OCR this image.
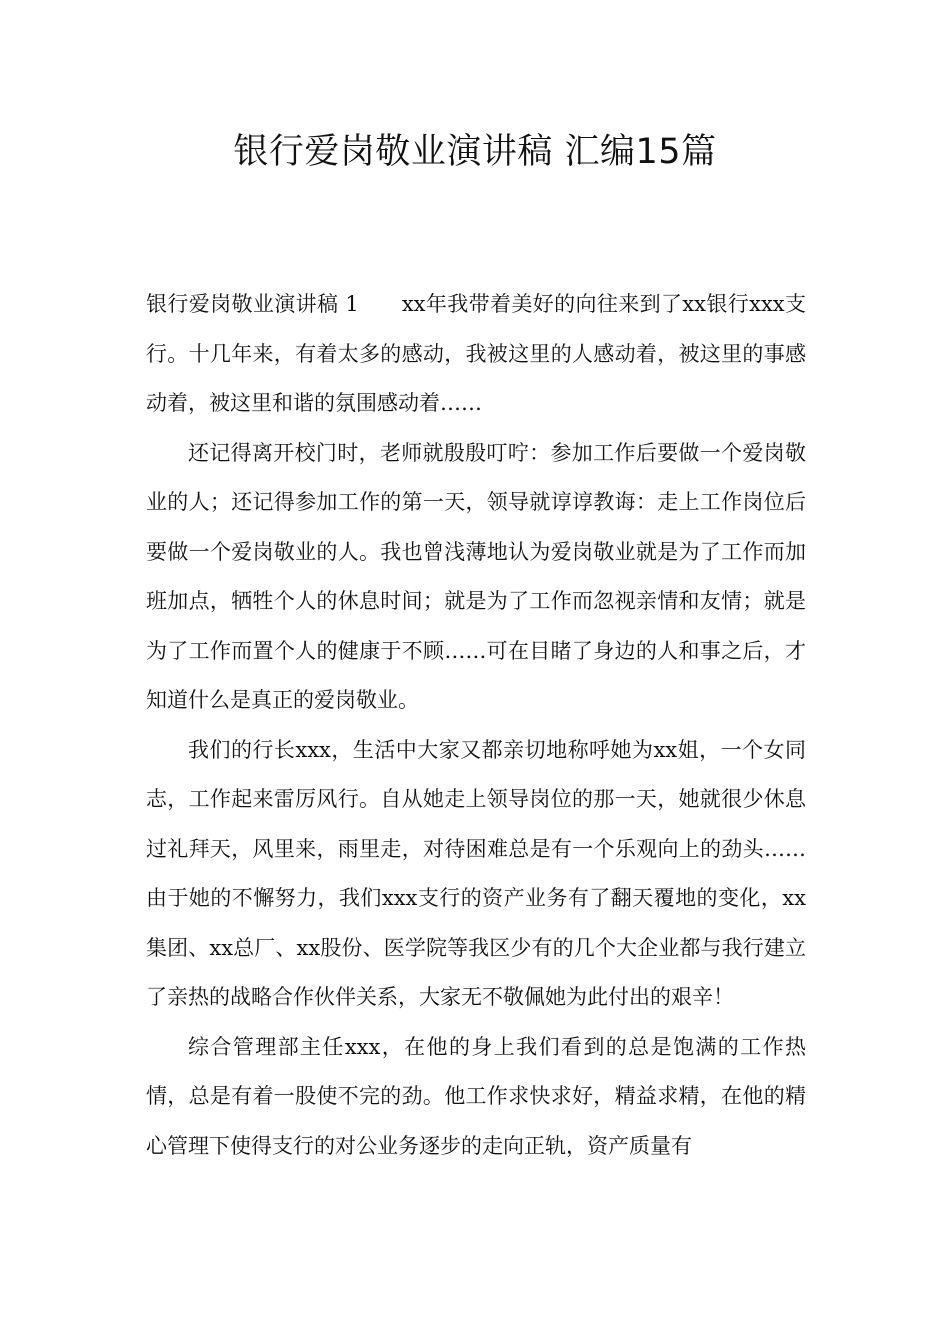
银行爱岗敬业演讲稿 汇编15篇

银行爱岗敬业演讲稿 1　　xx年我带着美好的向往来到了xx银行xxx支行。十几年来，有着太多的感动，我被这里的人感动着，被这里的事感动着，被这里和谐的氛围感动着……

还记得离开校门时，老师就殷殷叮咛：参加工作后要做一个爱岗敬业的人；还记得参加工作的第一天，领导就谆谆教诲：走上工作岗位后要做一个爱岗敬业的人。我也曾浅薄地认为爱岗敬业就是为了工作而加班加点，牺牲个人的休息时间；就是为了工作而忽视亲情和友情；就是为了工作而置个人的健康于不顾……可在目睹了身边的人和事之后，才知道什么是真正的爱岗敬业。

我们的行长xxx，生活中大家又都亲切地称呼她为xx姐，一个女同志，工作起来雷厉风行。自从她走上领导岗位的那一天，她就很少休息过礼拜天，风里来，雨里走，对待困难总是有一个乐观向上的劲头……由于她的不懈努力，我们xxx支行的资产业务有了翻天覆地的变化，xx集团、xx总厂、xx股份、医学院等我区少有的几个大企业都与我行建立了亲热的战略合作伙伴关系，大家无不敬佩她为此付出的艰辛！

综合管理部主任xxx，在他的身上我们看到的总是饱满的工作热情，总是有着一股使不完的劲。他工作求快求好，精益求精，在他的精心管理下使得支行的对公业务逐步的走向正轨，资产质量有
